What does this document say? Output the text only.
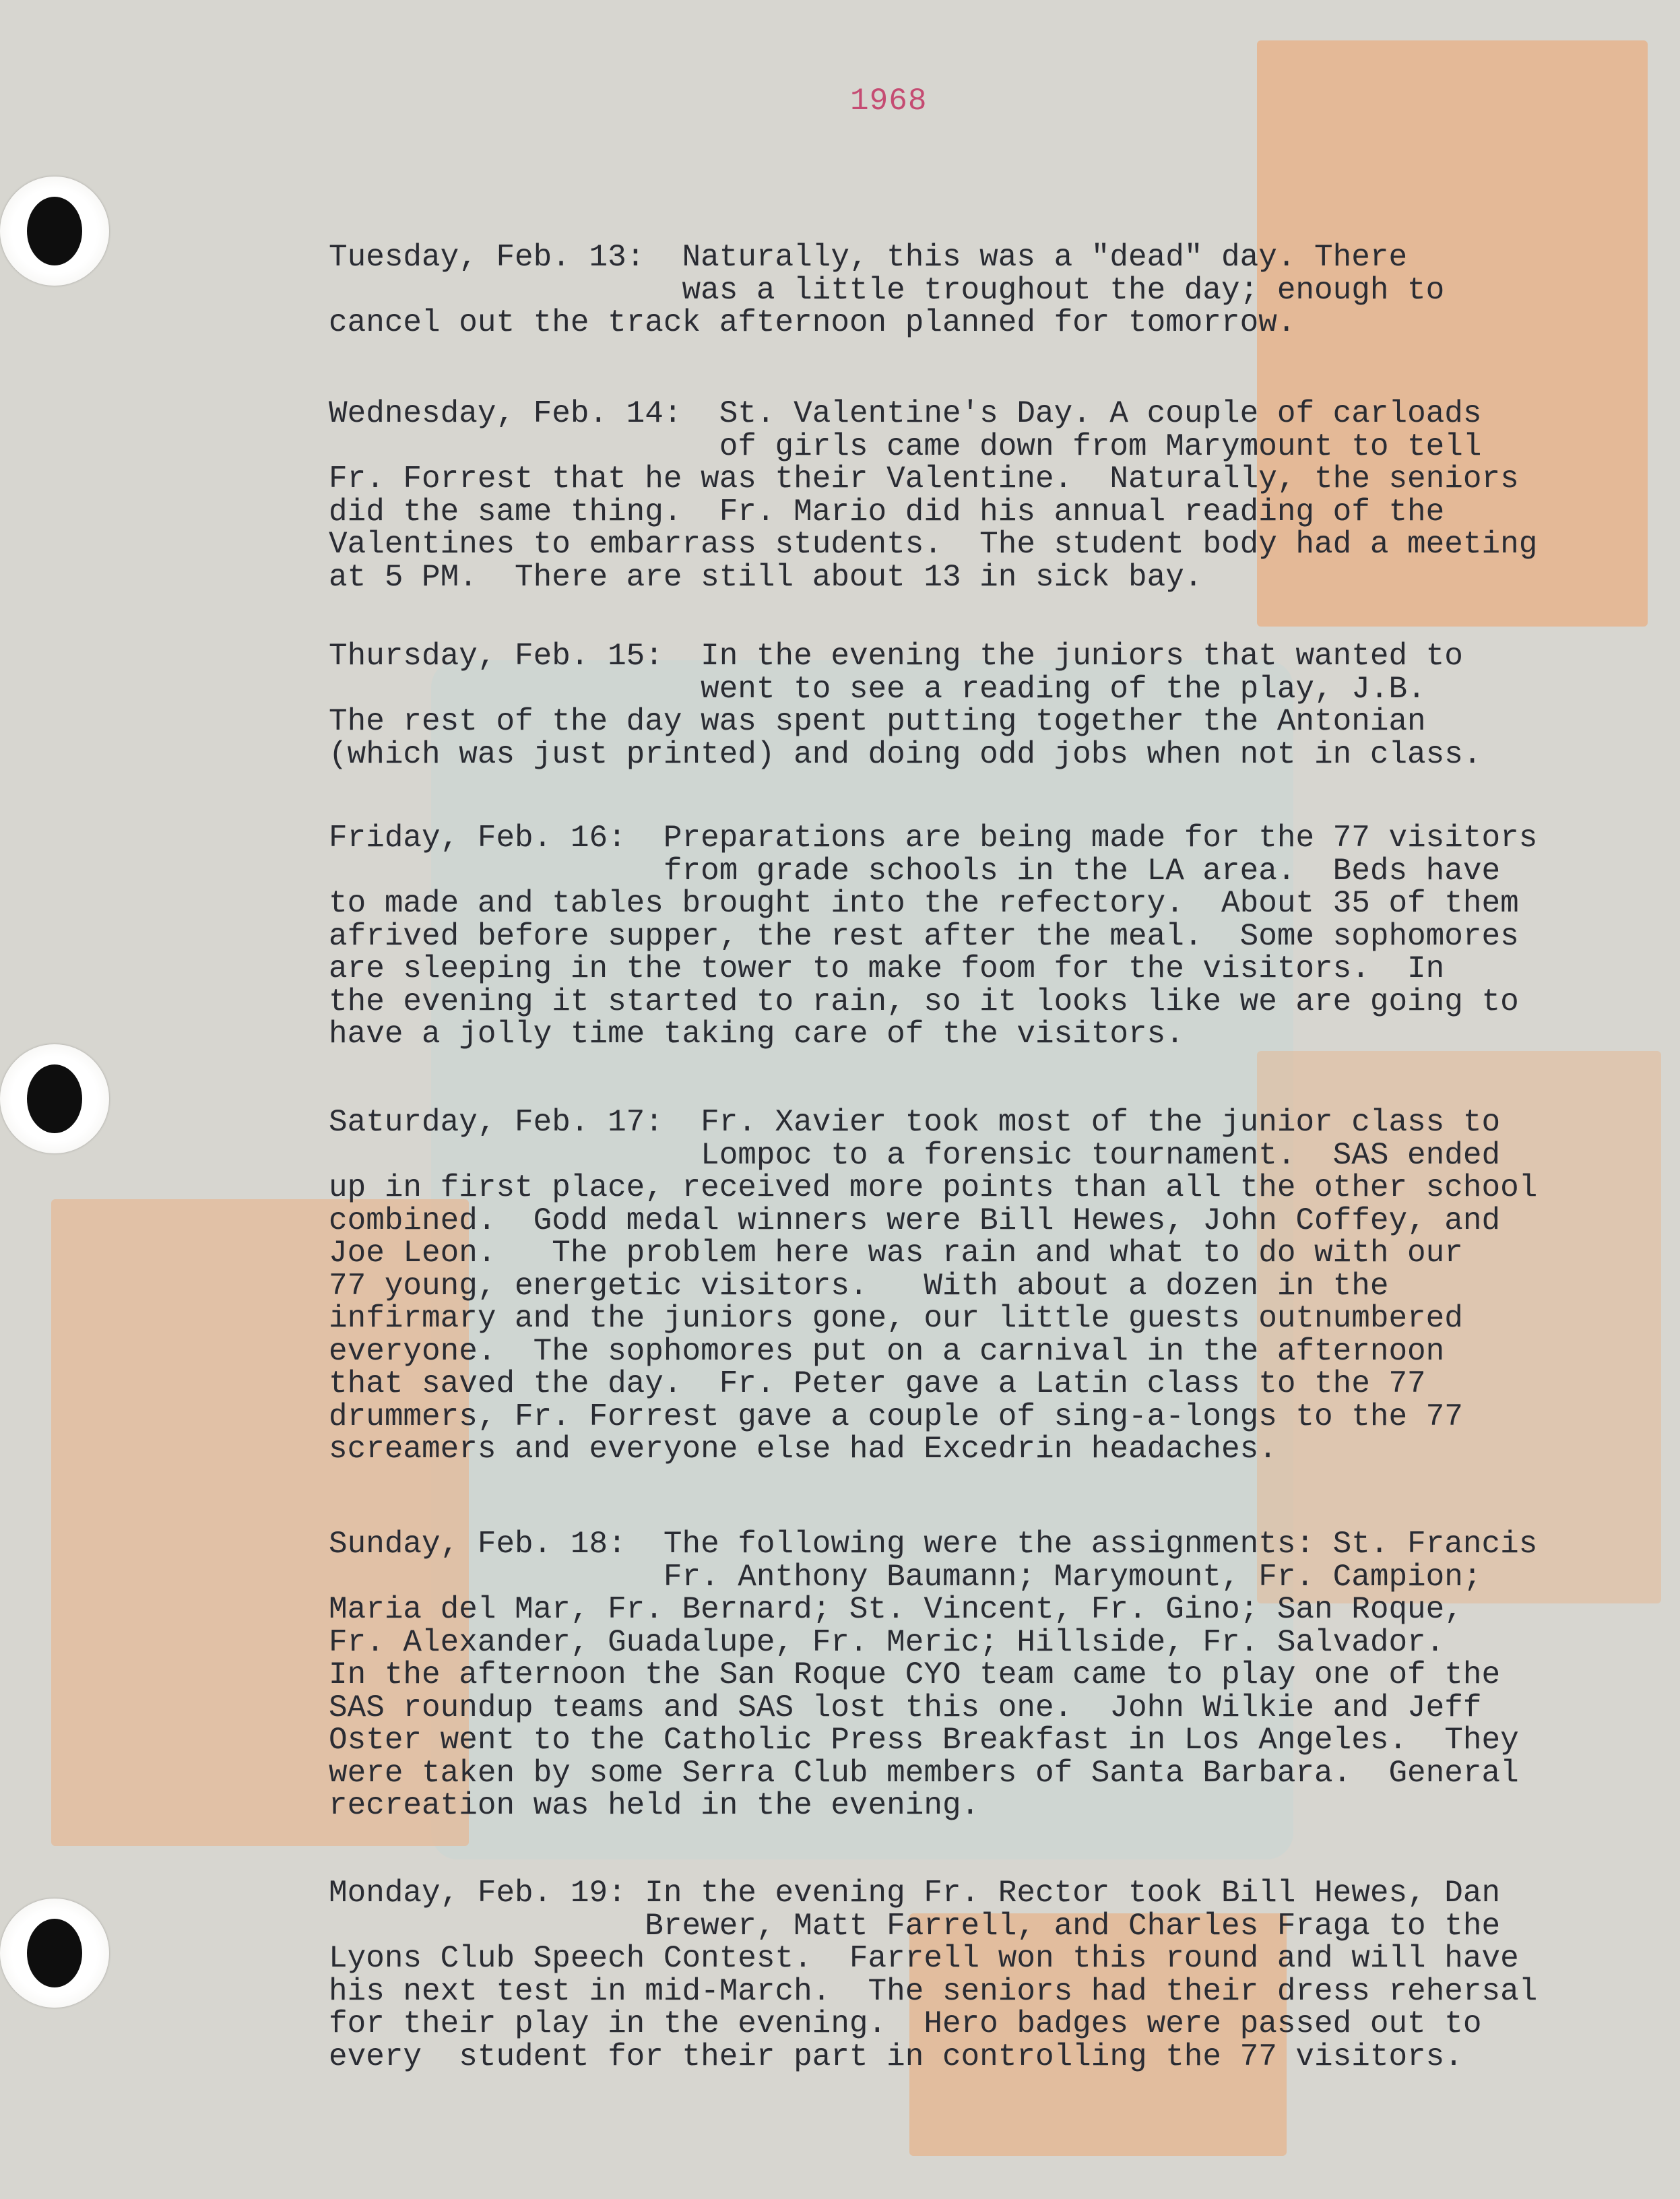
1968
Tuesday, Feb. 13: Naturally, this was a "dead" day. There
was a little troughout the day; enough to
cancel out the track afternoon planned for tomorrow.
Wednesday, Feb. 14: St. Valentine's Day. A couple of carloads
of girls came down from Marymount to tell
Fr. Forrest that he was their Valentine.  Naturally, the seniors
did the same thing.  Fr. Mario did his annual reading of the
Valentines to embarrass students.  The student body had a meeting
at 5 PM.  There are still about 13 in sick bay.
Thursday, Feb. 15: In the evening the juniors that wanted to
went to see a reading of the play, J.B.
The rest of the day was spent putting together the Antonian
(which was just printed) and doing odd jobs when not in class.
Friday, Feb. 16: Preparations are being made for the 77 visitors
from grade schools in the LA area.  Beds have
to made and tables brought into the refectory.  About 35 of them
afrived before supper, the rest after the meal.  Some sophomores
are sleeping in the tower to make foom for the visitors.  In
the evening it started to rain, so it looks like we are going to
have a jolly time taking care of the visitors.
Saturday, Feb. 17: Fr. Xavier took most of the junior class to
Lompoc to a forensic tournament.  SAS ended
up in first place, received more points than all the other school
combined.  Godd medal winners were Bill Hewes, John Coffey, and
Joe Leon.   The problem here was rain and what to do with our
77 young, energetic visitors.   With about a dozen in the
infirmary and the juniors gone, our little guests outnumbered
everyone.  The sophomores put on a carnival in the afternoon
that saved the day.  Fr. Peter gave a Latin class to the 77
drummers, Fr. Forrest gave a couple of sing-a-longs to the 77
screamers and everyone else had Excedrin headaches.
Sunday, Feb. 18: The following were the assignments: St. Francis
Fr. Anthony Baumann; Marymount, Fr. Campion;
Maria del Mar, Fr. Bernard; St. Vincent, Fr. Gino; San Roque,
Fr. Alexander, Guadalupe, Fr. Meric; Hillside, Fr. Salvador.
In the afternoon the San Roque CYO team came to play one of the
SAS roundup teams and SAS lost this one.  John Wilkie and Jeff
Oster went to the Catholic Press Breakfast in Los Angeles.  They
were taken by some Serra Club members of Santa Barbara.  General
recreation was held in the evening.
Monday, Feb. 19: In the evening Fr. Rector took Bill Hewes, Dan
Brewer, Matt Farrell, and Charles Fraga to the
Lyons Club Speech Contest.  Farrell won this round and will have
his next test in mid-March.  The seniors had their dress rehersal
for their play in the evening.  Hero badges were passed out to
every  student for their part in controlling the 77 visitors.
